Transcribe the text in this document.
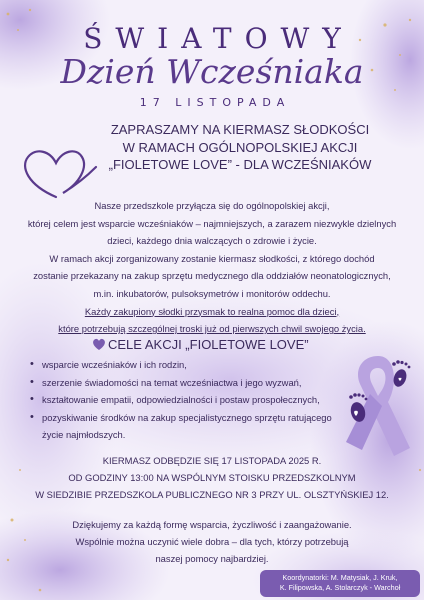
ŚWIATOWY
Dzień Wcześniaka
17 LISTOPADA
ZAPRASZAMY NA KIERMASZ SŁODKOŚCI
W RAMACH OGÓLNOPOLSKIEJ AKCJI
„FIOLETOWE LOVE” - DLA WCZEŚNIAKÓW
Nasze przedszkole przyłącza się do ogólnopolskiej akcji,
której celem jest wsparcie wcześniaków – najmniejszych, a zarazem niezwykle dzielnych
dzieci, każdego dnia walczących o zdrowie i życie.
W ramach akcji zorganizowany zostanie kiermasz słodkości, z którego dochód
zostanie przekazany na zakup sprzętu medycznego dla oddziałów neonatologicznych,
m.in. inkubatorów, pulsoksymetrów i monitorów oddechu.
Każdy zakupiony słodki przysmak to realna pomoc dla dzieci,
które potrzebują szczególnej troski już od pierwszych chwil swojego życia.
CELE AKCJI „FIOLETOWE LOVE”
• wsparcie wcześniaków i ich rodzin,
• szerzenie świadomości na temat wcześniactwa i jego wyzwań,
• kształtowanie empatii, odpowiedzialności i postaw prospołecznych,
• pozyskiwanie środków na zakup specjalistycznego sprzętu ratującego
życie najmłodszych.
KIERMASZ ODBĘDZIE SIĘ 17 LISTOPADA 2025 R.
OD GODZINY 13:00 NA WSPÓLNYM STOISKU PRZEDSZKOLNYM
W SIEDZIBIE PRZEDSZKOLA PUBLICZNEGO NR 3 PRZY UL. OLSZTYŃSKIEJ 12.
Dziękujemy za każdą formę wsparcia, życzliwość i zaangażowanie.
Wspólnie można uczynić wiele dobra – dla tych, którzy potrzebują
naszej pomocy najbardziej.
Koordynatorki: M. Matysiak, J. Kruk,
K. Filipowska, A. Stolarczyk - Warchoł
